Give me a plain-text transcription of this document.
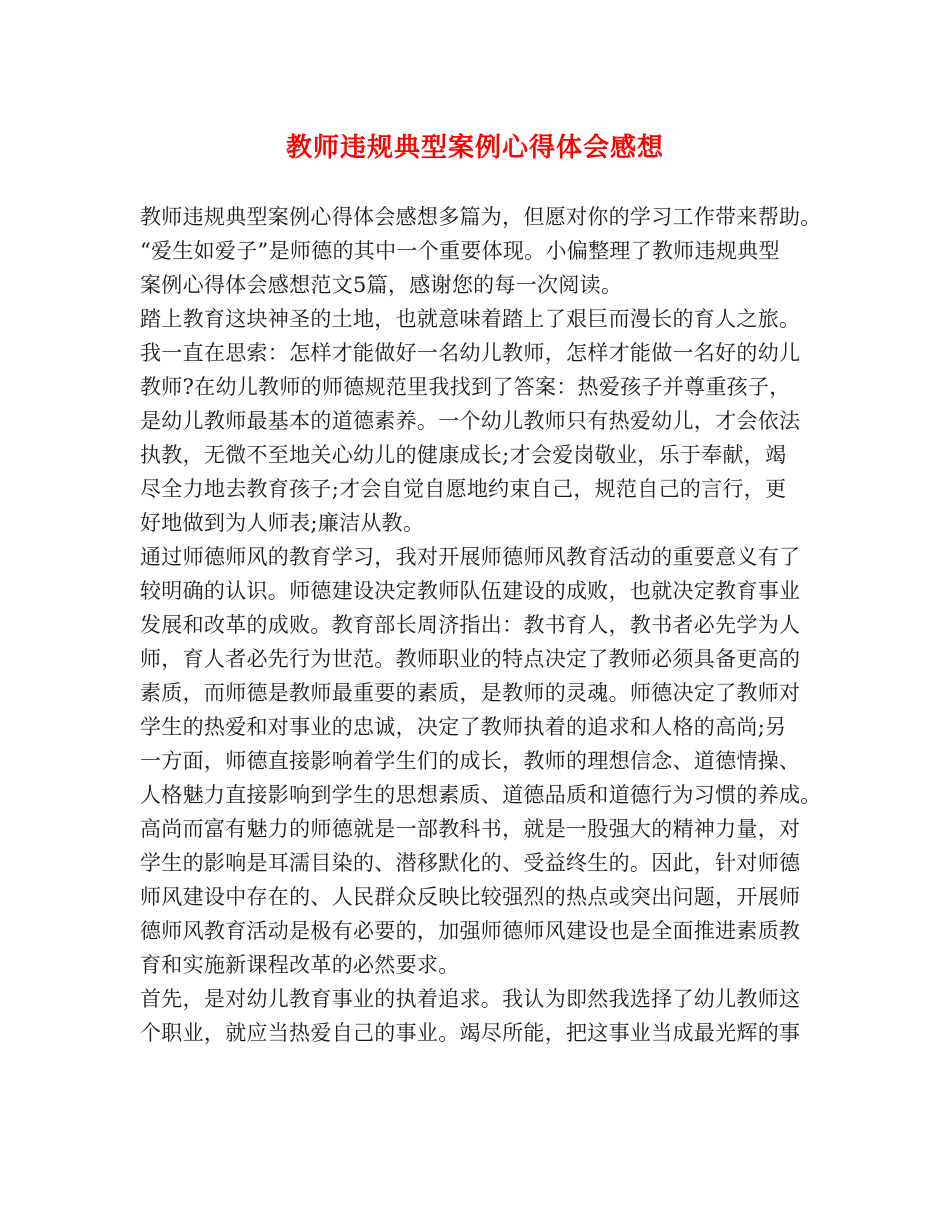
教师违规典型案例心得体会感想
教师违规典型案例心得体会感想多篇为，但愿对你的学习工作带来帮助。
“爱生如爱子”是师德的其中一个重要体现。小偏整理了教师违规典型
案例心得体会感想范文5篇，感谢您的每一次阅读。
踏上教育这块神圣的土地，也就意味着踏上了艰巨而漫长的育人之旅。
我一直在思索：怎样才能做好一名幼儿教师，怎样才能做一名好的幼儿
教师?在幼儿教师的师德规范里我找到了答案：热爱孩子并尊重孩子，
是幼儿教师最基本的道德素养。一个幼儿教师只有热爱幼儿，才会依法
执教，无微不至地关心幼儿的健康成长;才会爱岗敬业，乐于奉献，竭
尽全力地去教育孩子;才会自觉自愿地约束自己，规范自己的言行，更
好地做到为人师表;廉洁从教。
通过师德师风的教育学习，我对开展师德师风教育活动的重要意义有了
较明确的认识。师德建设决定教师队伍建设的成败，也就决定教育事业
发展和改革的成败。教育部长周济指出：教书育人，教书者必先学为人
师，育人者必先行为世范。教师职业的特点决定了教师必须具备更高的
素质，而师德是教师最重要的素质，是教师的灵魂。师德决定了教师对
学生的热爱和对事业的忠诚，决定了教师执着的追求和人格的高尚;另
一方面，师德直接影响着学生们的成长，教师的理想信念、道德情操、
人格魅力直接影响到学生的思想素质、道德品质和道德行为习惯的养成。
高尚而富有魅力的师德就是一部教科书，就是一股强大的精神力量，对
学生的影响是耳濡目染的、潜移默化的、受益终生的。因此，针对师德
师风建设中存在的、人民群众反映比较强烈的热点或突出问题，开展师
德师风教育活动是极有必要的，加强师德师风建设也是全面推进素质教
育和实施新课程改革的必然要求。
首先，是对幼儿教育事业的执着追求。我认为即然我选择了幼儿教师这
个职业，就应当热爱自己的事业。竭尽所能，把这事业当成最光辉的事
